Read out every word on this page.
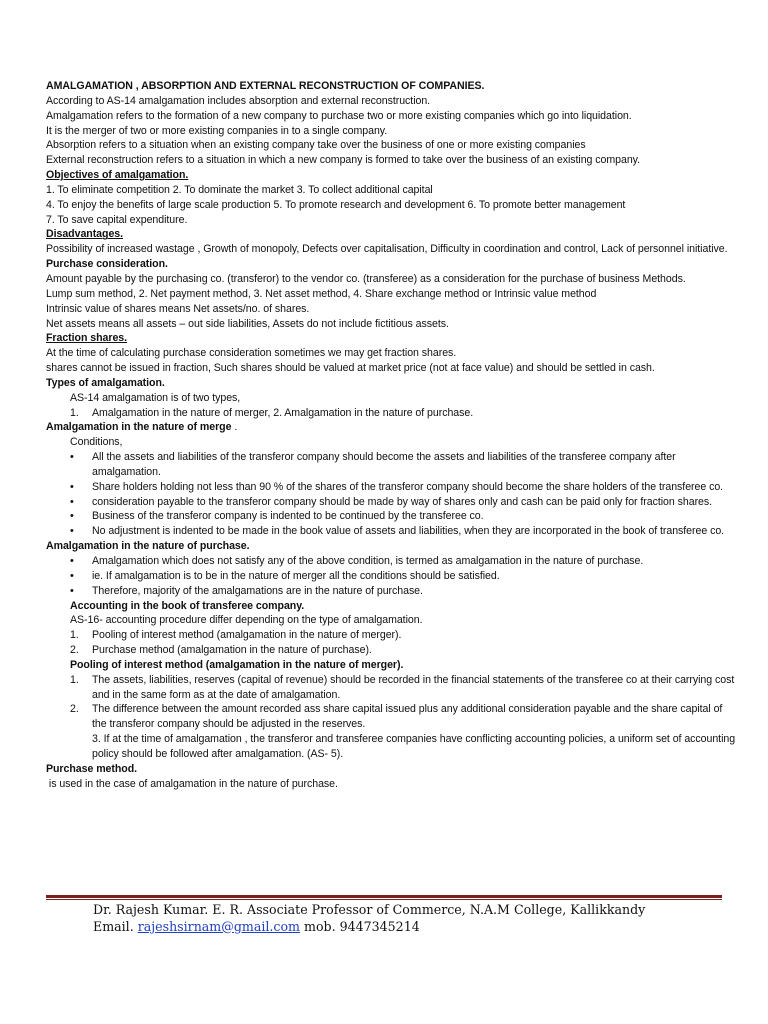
AMALGAMATION , ABSORPTION AND EXTERNAL RECONSTRUCTION OF COMPANIES.
According to AS-14 amalgamation includes absorption and external reconstruction.
Amalgamation refers to the formation of a new company to purchase two or more existing companies which go into liquidation.
It is the merger of two or more existing companies in to a single company.
Absorption refers to a situation when an existing company take over the business of one or more existing companies
External reconstruction refers to a situation in which a new company is formed to take over the business of an existing company.
Objectives of amalgamation.
1. To eliminate competition 2. To dominate the market 3. To collect additional capital
4. To enjoy the benefits of large scale production 5. To promote research and development 6. To promote better management
7. To save capital expenditure.
Disadvantages.
Possibility of increased wastage , Growth of monopoly, Defects over capitalisation, Difficulty in coordination and control, Lack of personnel initiative.
Purchase consideration.
Amount payable by the purchasing co. (transferor) to the vendor co. (transferee) as a consideration for the purchase of business Methods.
Lump sum method, 2. Net payment method, 3. Net asset method, 4. Share exchange method or Intrinsic value method
Intrinsic value of shares means Net assets/no. of shares.
Net assets means all assets – out side liabilities, Assets do not include fictitious assets.
Fraction shares.
At the time of calculating purchase consideration sometimes we may get fraction shares.
shares cannot be issued in fraction, Such shares should be valued at market price (not at face value) and should be settled in cash.
Types of amalgamation.
AS-14 amalgamation is of two types,
1. Amalgamation in the nature of merger, 2. Amalgamation in the nature of purchase.
Amalgamation in the nature of merge .
Conditions,
• All the assets and liabilities of the transferor company should become the assets and liabilities of the transferee company after amalgamation.
• Share holders holding not less than 90 % of the shares of the transferor company should become the share holders of the transferee co.
• consideration payable to the transferor company should be made by way of shares only and cash can be paid only for fraction shares.
• Business of the transferor company is indented to be continued by the transferee co.
• No adjustment is indented to be made in the book value of assets and liabilities, when they are incorporated in the book of transferee co.
Amalgamation in the nature of purchase.
• Amalgamation which does not satisfy any of the above condition, is termed as amalgamation in the nature of purchase.
• ie. If amalgamation is to be in the nature of merger all the conditions should be satisfied.
• Therefore, majority of the amalgamations are in the nature of purchase.
Accounting in the book of transferee company.
AS-16- accounting procedure differ depending on the type of amalgamation.
1. Pooling of interest method (amalgamation in the nature of merger).
2. Purchase method (amalgamation in the nature of purchase).
Pooling of interest method (amalgamation in the nature of merger).
1. The assets, liabilities, reserves (capital of revenue) should be recorded in the financial statements of the transferee co at their carrying cost and in the same form as at the date of amalgamation.
2. The difference between the amount recorded ass share capital issued plus any additional consideration payable and the share capital of the transferor company should be adjusted in the reserves.
3. If at the time of amalgamation , the transferor and transferee companies have conflicting accounting policies, a uniform set of accounting policy should be followed after amalgamation. (AS- 5).
Purchase method.
is used in the case of amalgamation in the nature of purchase.
Dr. Rajesh Kumar. E. R. Associate Professor of Commerce, N.A.M College, Kallikkandy
Email. rajeshsirnam@gmail.com mob. 9447345214
